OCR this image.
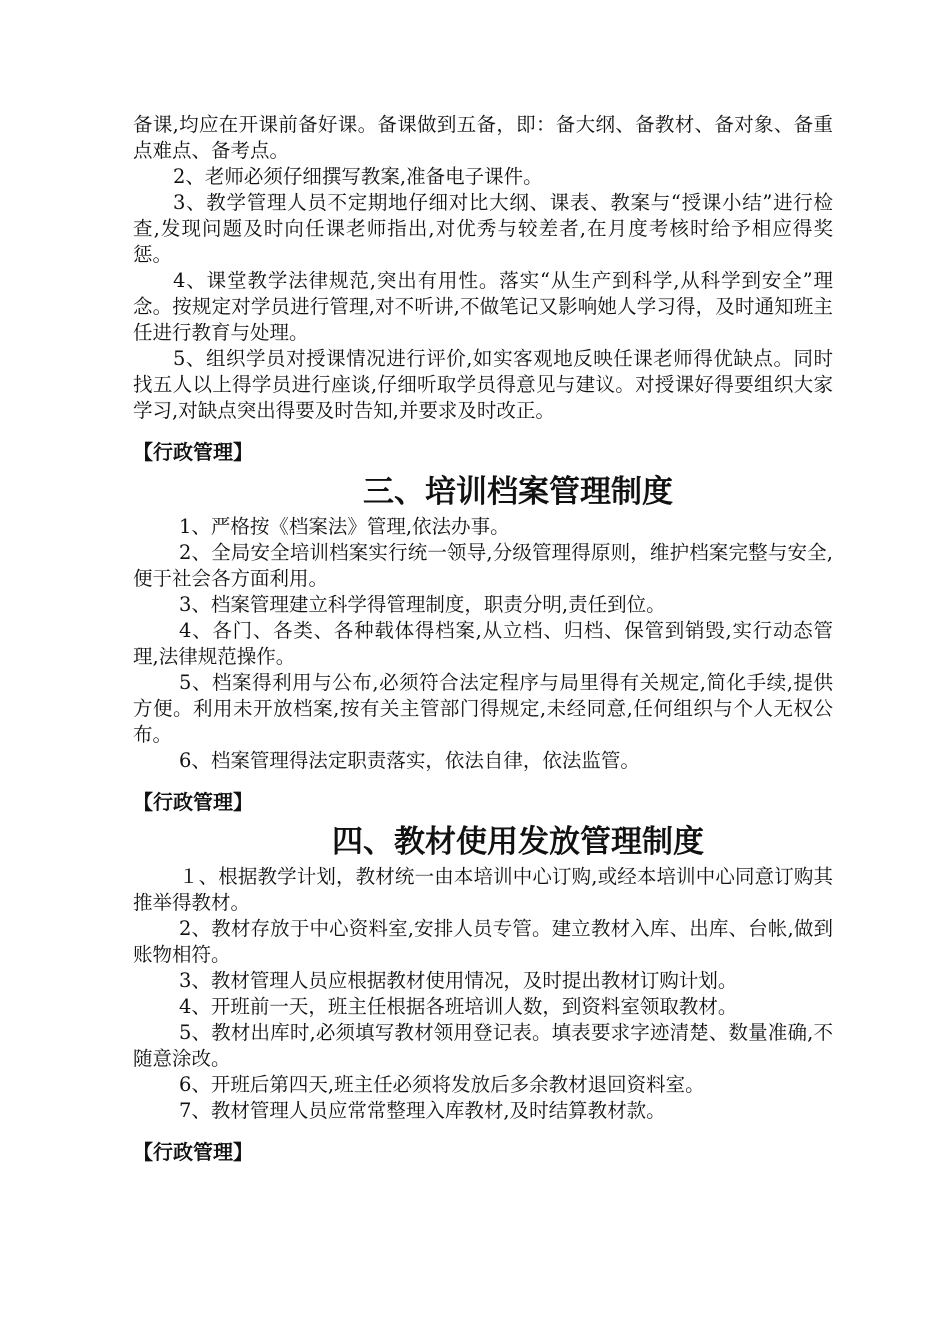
备课,均应在开课前备好课。备课做到五备，即：备大纲、备教材、备对象、备重点难点、备考点。

2、老师必须仔细撰写教案,准备电子课件。

3、教学管理人员不定期地仔细对比大纲、课表、教案与“授课小结”进行检查,发现问题及时向任课老师指出,对优秀与较差者,在月度考核时给予相应得奖惩。

4、课堂教学法律规范,突出有用性。落实“从生产到科学,从科学到安全”理念。按规定对学员进行管理,对不听讲,不做笔记又影响她人学习得，及时通知班主任进行教育与处理。

5、组织学员对授课情况进行评价,如实客观地反映任课老师得优缺点。同时找五人以上得学员进行座谈,仔细听取学员得意见与建议。对授课好得要组织大家学习,对缺点突出得要及时告知,并要求及时改正。

【行政管理】

三、培训档案管理制度

1、严格按《档案法》管理,依法办事。

2、全局安全培训档案实行统一领导,分级管理得原则，维护档案完整与安全,便于社会各方面利用。

3、档案管理建立科学得管理制度，职责分明,责任到位。

4、各门、各类、各种载体得档案,从立档、归档、保管到销毁,实行动态管理,法律规范操作。

5、档案得利用与公布,必须符合法定程序与局里得有关规定,简化手续,提供方便。利用未开放档案,按有关主管部门得规定,未经同意,任何组织与个人无权公布。

6、档案管理得法定职责落实，依法自律，依法监管。

【行政管理】

四、教材使用发放管理制度

１、根据教学计划，教材统一由本培训中心订购,或经本培训中心同意订购其推举得教材。

2、教材存放于中心资料室,安排人员专管。建立教材入库、出库、台帐,做到账物相符。

3、教材管理人员应根据教材使用情况，及时提出教材订购计划。

4、开班前一天，班主任根据各班培训人数，到资料室领取教材。

5、教材出库时,必须填写教材领用登记表。填表要求字迹清楚、数量准确,不随意涂改。

6、开班后第四天,班主任必须将发放后多余教材退回资料室。

7、教材管理人员应常常整理入库教材,及时结算教材款。

【行政管理】
